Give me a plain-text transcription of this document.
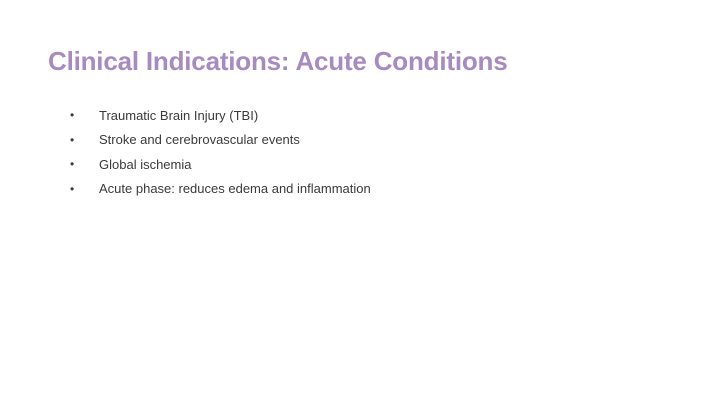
Clinical Indications: Acute Conditions
•	Traumatic Brain Injury (TBI)
•	Stroke and cerebrovascular events
•	Global ischemia
•	Acute phase: reduces edema and inflammation
